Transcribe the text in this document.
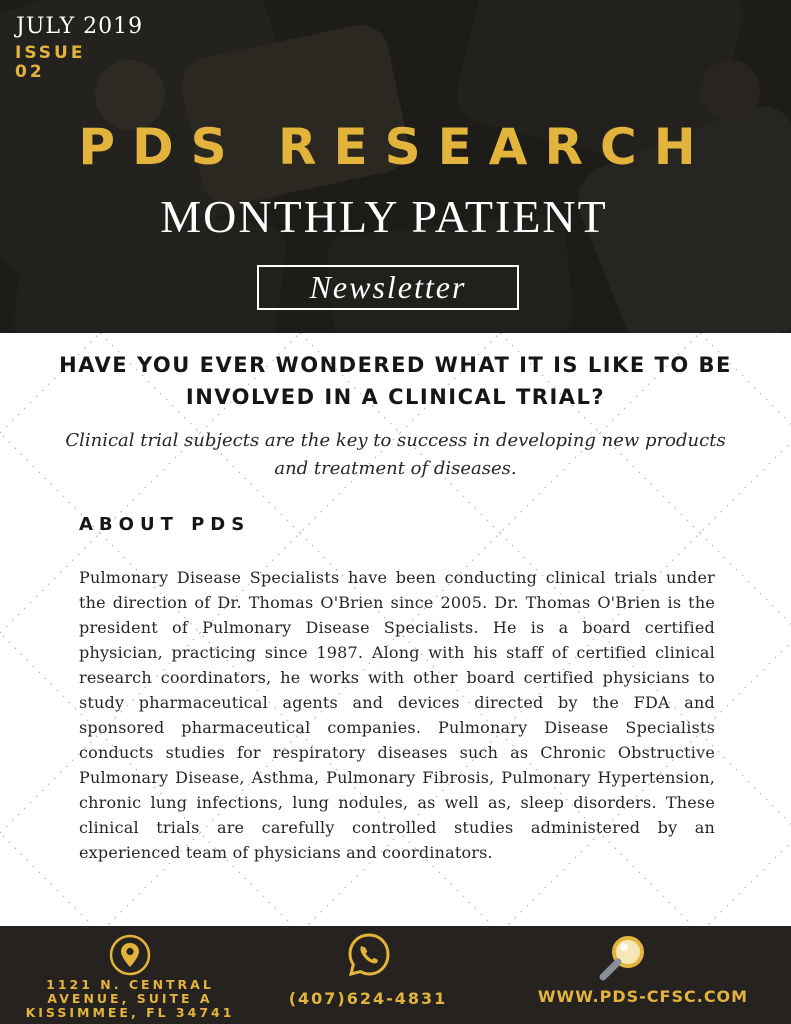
JULY 2019
ISSUE
02
PDS RESEARCH
MONTHLY PATIENT
Newsletter
HAVE YOU EVER WONDERED WHAT IT IS LIKE TO BE INVOLVED IN A CLINICAL TRIAL?
Clinical trial subjects are the key to success in developing new products and treatment of diseases.
ABOUT PDS

Pulmonary Disease Specialists have been conducting clinical trials under the direction of Dr. Thomas O'Brien since 2005. Dr. Thomas O'Brien is the president of Pulmonary Disease Specialists. He is a board certified physician, practicing since 1987. Along with his staff of certified clinical research coordinators, he works with other board certified physicians to study pharmaceutical agents and devices directed by the FDA and sponsored pharmaceutical companies. Pulmonary Disease Specialists conducts studies for respiratory diseases such as Chronic Obstructive Pulmonary Disease, Asthma, Pulmonary Fibrosis, Pulmonary Hypertension, chronic lung infections, lung nodules, as well as, sleep disorders. These clinical trials are carefully controlled studies administered by an experienced team of physicians and coordinators.

1121 N. CENTRAL
AVENUE, SUITE A
KISSIMMEE, FL 34741
(407)624-4831	WWW.PDS-CFSC.COM
